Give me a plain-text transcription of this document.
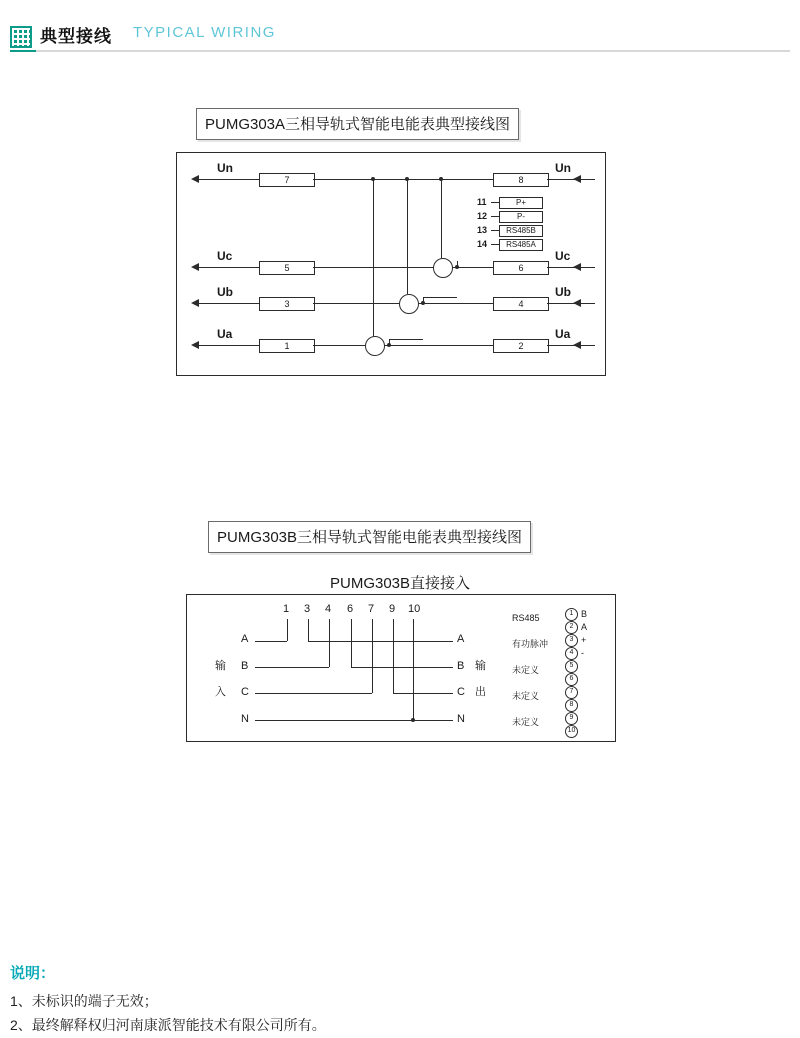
典型接线 TYPICAL WIRING
PUMG303A三相导轨式智能电能表典型接线图
Un
7	8
Un
11	P+
12	P-
13	RS485B
14	RS485A
Uc
5	6
Uc
Ub
3	4
Ub
Ua
1	2
Ua
PUMG303B三相导轨式智能电能表典型接线图
PUMG303B直接接入
1 3 4 6 7 9 10
A	A
B	B
C	C
N	N
输
入
输
出
RS485
有功脉冲
未定义
未定义
未定义
1 B
2 A
3 +
4 -
5
6
7
8
9
10
说明：
1、未标识的端子无效；
2、最终解释权归河南康派智能技术有限公司所有。
